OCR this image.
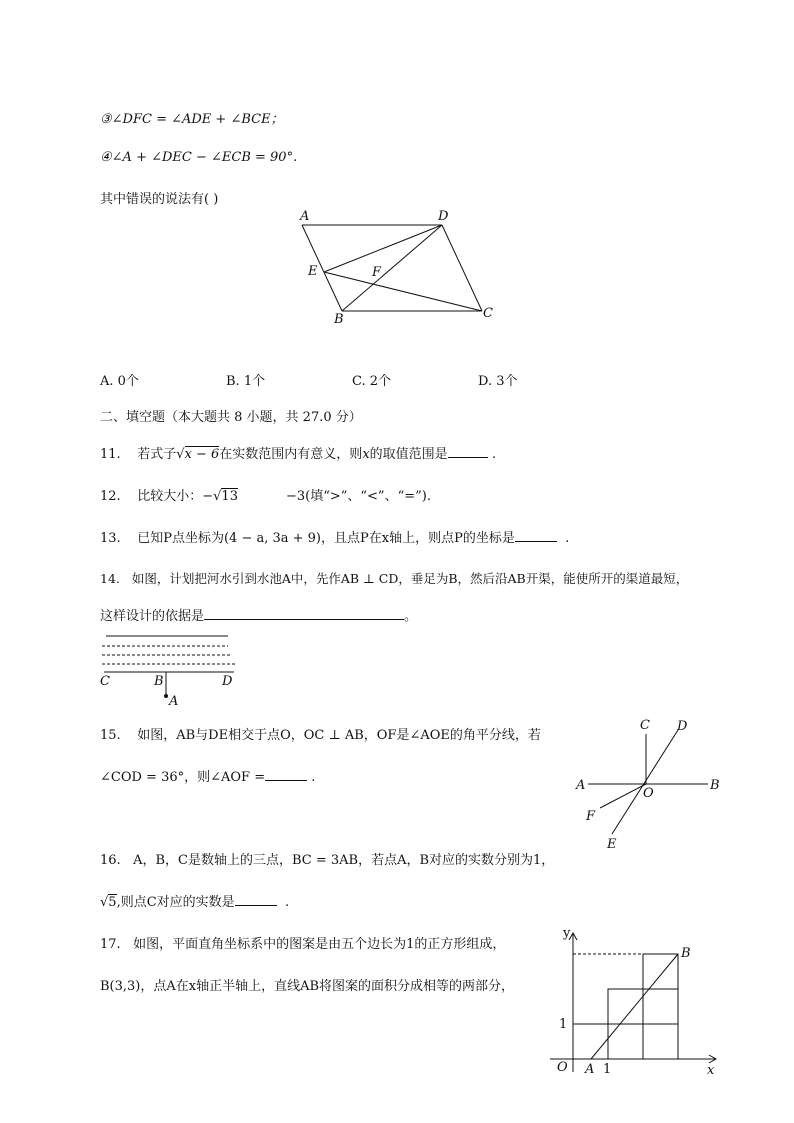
③∠DFC = ∠ADE + ∠BCE；
④∠A + ∠DEC − ∠ECB = 90°.
其中错误的说法有( )
A	D
E	F
B	C
A. 0个	B. 1个	C. 2个	D. 3个
二、填空题（本大题共 8 小题，共 27.0 分）
11. 若式子√x − 6在实数范围内有意义，则x的取值范围是	.
12. 比较大小：−√13	−3(填“>”、“<”、“=”).
13. 已知P点坐标为(4 − a, 3a + 9)，且点P在x轴上，则点P的坐标是	.
14. 如图，计划把河水引到水池A中，先作AB ⊥ CD，垂足为B，然后沿AB开渠，能使所开的渠道最短，
这样设计的依据是	。
C	B	D
A
15. 如图，AB与DE相交于点O，OC ⊥ AB，OF是∠AOE的角平分线，若
∠COD = 36°，则∠AOF =	.
C D
A
O
B
F
E
16. A，B，C是数轴上的三点，BC = 3AB，若点A，B对应的实数分别为1，
√5,则点C对应的实数是	.
17. 如图，平面直角坐标系中的图案是由五个边长为1的正方形组成，
B(3,3)，点A在x轴正半轴上，直线AB将图案的面积分成相等的两部分，
y
x
B
O A 1
1
